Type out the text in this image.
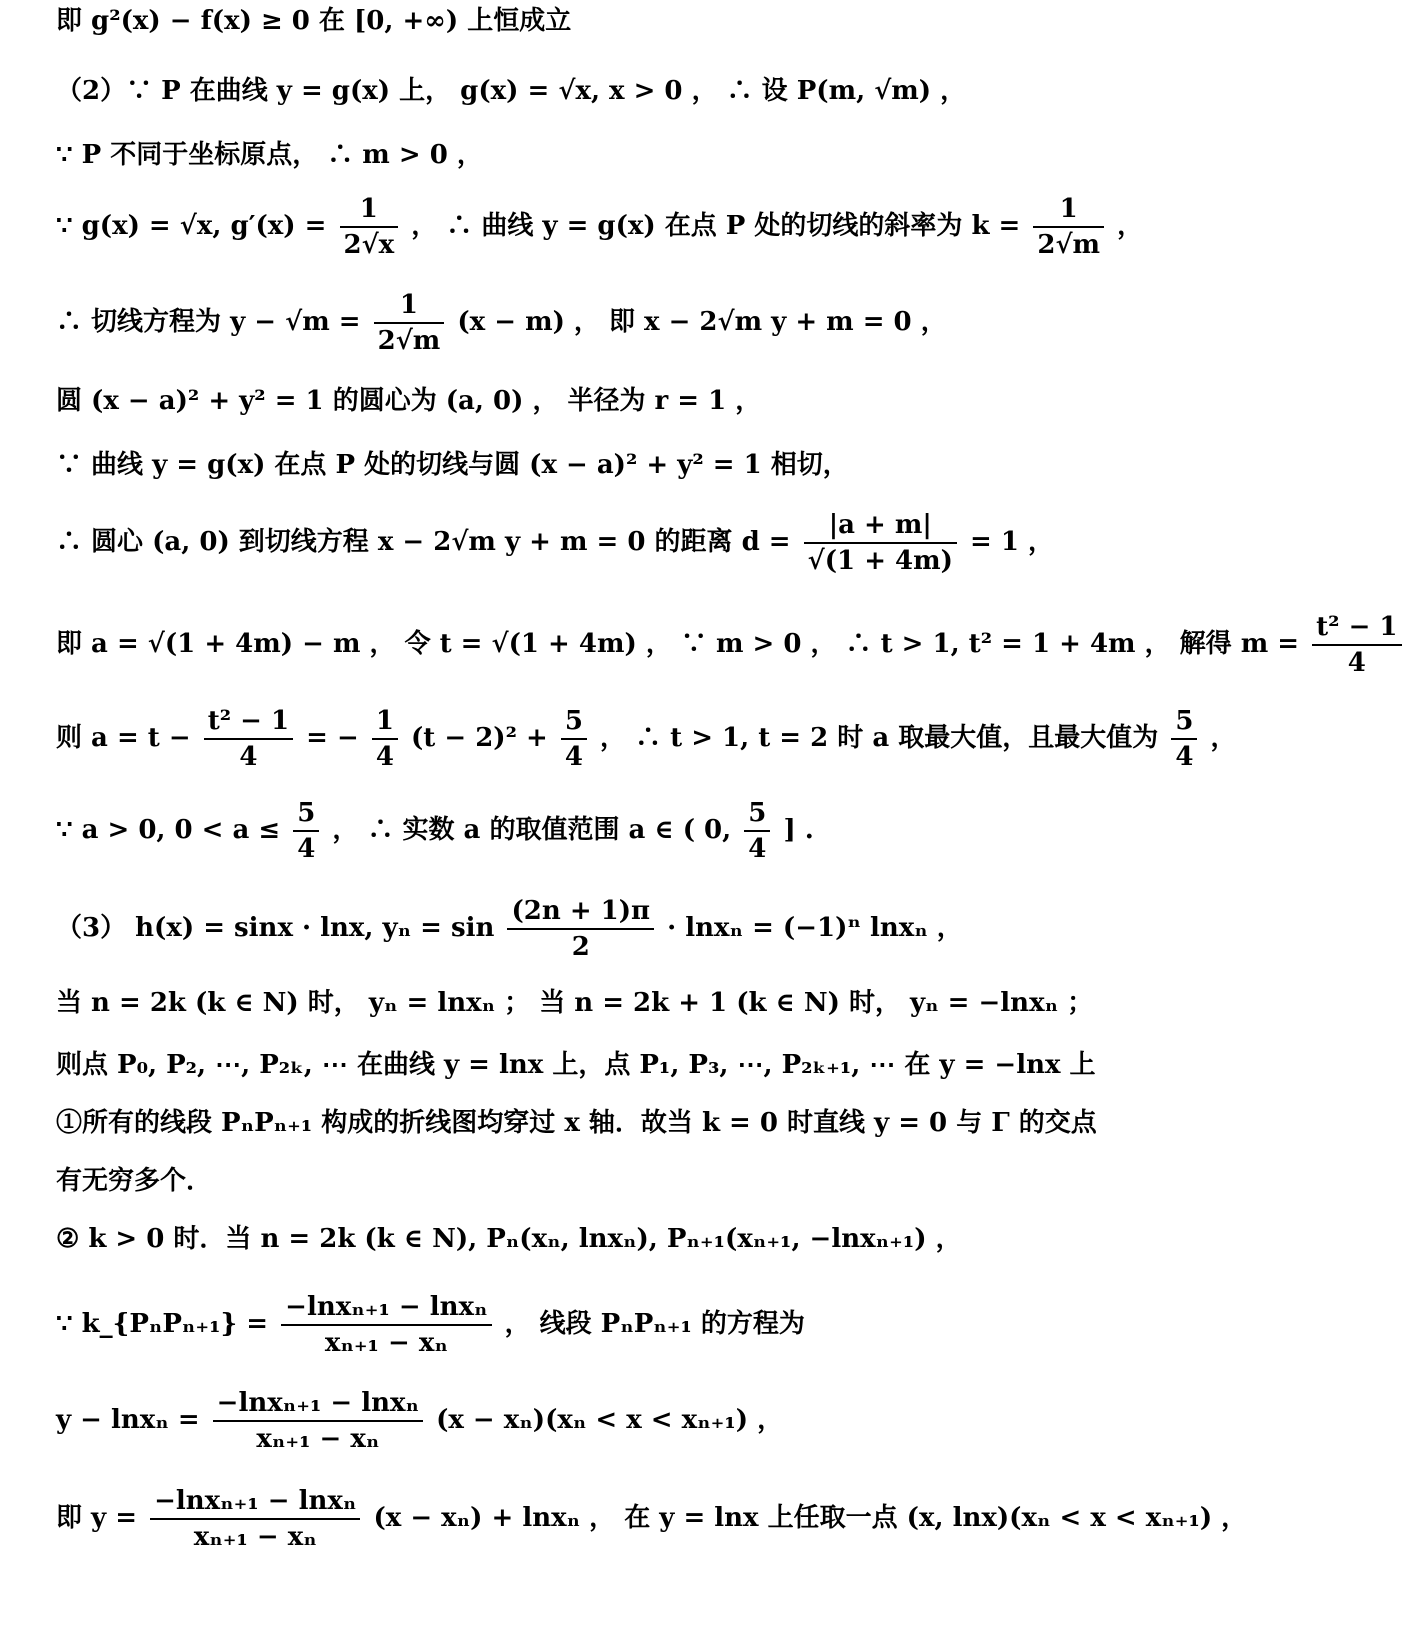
即 g²(x) − f(x) ≥ 0 在 [0, +∞) 上恒成立
（2）∵ P 在曲线 y = g(x) 上， g(x) = √x, x > 0 ， ∴ 设 P(m, √m) ，
∵ P 不同于坐标原点， ∴ m > 0 ，
∵ g(x) = √x, $g'(x) = \frac{1}{2√x}$ ， ∴ 曲线 y = g(x) 在点 P 处的切线的斜率为 $k = \frac{1}{2√m}$ ，
∴ 切线方程为 $y - √m = \frac{1}{2√m} (x - m)$ ， 即 x − 2√m y + m = 0 ，
圆 (x − a)² + y² = 1 的圆心为 (a, 0) ， 半径为 r = 1 ，
∵ 曲线 y = g(x) 在点 P 处的切线与圆 (x − a)² + y² = 1 相切，
∴ 圆心 (a, 0) 到切线方程 x − 2√m y + m = 0 的距离 $d = \frac{|a + m|}{√(1 + 4m)} = 1$ ，
即 a = √(1 + 4m) − m ， 令 t = √(1 + 4m) ， ∵ m > 0 ， ∴ t > 1, t² = 1 + 4m ， 解得 $m = \frac{\text{t² − 1}}{4}$
则 $a = t - \frac{\text{t² − 1}}{4}$ = − $\frac{1}{4} (t - 2)^2 + \frac{5}{4}$ ， ∴ t > 1, t = 2 时 a 取最大值，且最大值为 $\frac{5}{4}$ ，
∵ a > 0, $0 < a \le \frac{5}{4}$ ， ∴ 实数 a 的取值范围 a ∈ ( 0, $\frac{5}{4}$ ] .
（3） h(x) = sinx · lnx, $y_n = \sin \frac{(2n + 1)\pi}{2} \cdot \ln x_n = (-1)^n$ lnxₙ ，
当 n = 2k (k ∈ N) 时， yₙ = lnxₙ ； 当 n = 2k + 1 (k ∈ N) 时， yₙ = −lnxₙ ；
则点 P₀, P₂, ⋯, P₂ₖ, ⋯ 在曲线 y = lnx 上，点 P₁, P₃, ⋯, P₂ₖ₊₁, ⋯ 在 y = −lnx 上
①所有的线段 PₙPₙ₊₁ 构成的折线图均穿过 x 轴．故当 k = 0 时直线 y = 0 与 Γ 的交点
有无穷多个．
② k > 0 时．当 n = 2k (k ∈ N), Pₙ(xₙ, lnxₙ), Pₙ₊₁(xₙ₊₁, −lnxₙ₊₁) ，
∵ k_{PₙPₙ₊₁} = $\frac{\text{−lnxₙ₊₁ − lnxₙ}}{\text{xₙ₊₁ − xₙ}}$ ， 线段 PₙPₙ₊₁ 的方程为
$y - \ln x_n = \frac{\text{−lnxₙ₊₁ − lnxₙ}}{\text{xₙ₊₁ − xₙ}} (x - x_n)(x_n < x < x_{n+1})$ ，
即 $y = \frac{\text{−lnxₙ₊₁ − lnxₙ}}{\text{xₙ₊₁ − xₙ}} (x - x_n) + \ln x_n$ ， 在 y = lnx 上任取一点 (x, lnx)(xₙ < x < xₙ₊₁) ，
